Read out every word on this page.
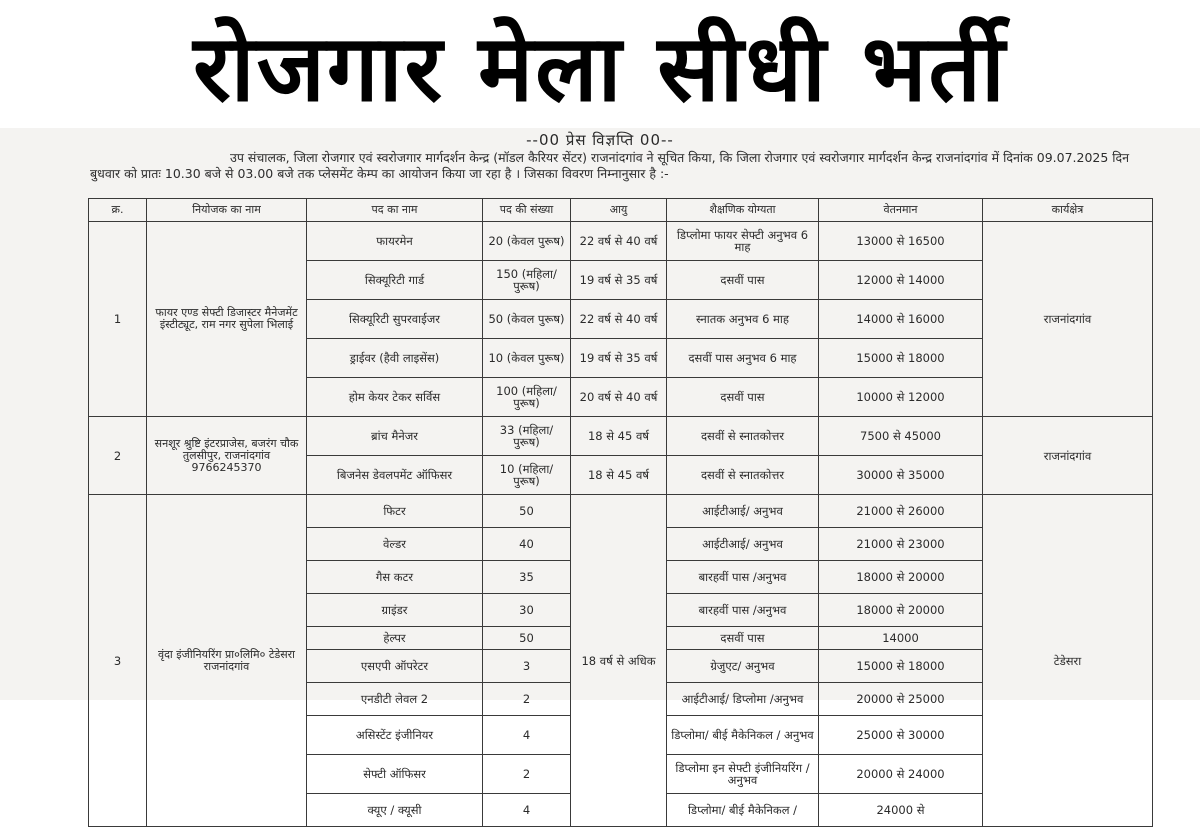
रोजगार मेला सीधी भर्ती
--00 प्रेस विज्ञप्ति 00--
उप संचालक, जिला रोजगार एवं स्वरोजगार मार्गदर्शन केन्द्र (मॉडल कैरियर सेंटर) राजनांदगांव ने सूचित किया, कि जिला रोजगार एवं स्वरोजगार मार्गदर्शन केन्द्र राजनांदगांव में दिनांक 09.07.2025 दिन बुधवार को प्रातः 10.30 बजे से 03.00 बजे तक प्लेसमेंट केम्प का आयोजन किया जा रहा है । जिसका विवरण निम्नानुसार है :-
क्र.	नियोजक का नाम	पद का नाम	पद की संख्या	आयु	शैक्षणिक योग्यता	वेतनमान	कार्यक्षेत्र
1	फायर एण्ड सेफ्टी डिजास्टर मैनेजमेंट इंस्टीट्यूट, राम नगर सुपेला भिलाई	फायरमेन	20 (केवल पुरूष)	22 वर्ष से 40 वर्ष	डिप्लोमा फायर सेफ्टी अनुभव 6 माह	13000 से 16500	राजनांदगांव
		सिक्यूरिटी गार्ड	150 (महिला/ पुरूष)	19 वर्ष से 35 वर्ष	दसवीं पास	12000 से 14000	
		सिक्यूरिटी सुपरवाईजर	50 (केवल पुरूष)	22 वर्ष से 40 वर्ष	स्नातक अनुभव 6 माह	14000 से 16000	
		ड्राईवर (हैवी लाइसेंस)	10 (केवल पुरूष)	19 वर्ष से 35 वर्ष	दसवीं पास अनुभव 6 माह	15000 से 18000	
		होम केयर टेकर सर्विस	100 (महिला/ पुरूष)	20 वर्ष से 40 वर्ष	दसवीं पास	10000 से 12000	
2	सनशूर श्रुष्टि इंटरप्राजेस, बजरंग चौक तुलसीपुर, राजनांदगांव 9766245370	ब्रांच मैनेजर	33 (महिला/ पुरूष)	18 से 45 वर्ष	दसवीं से स्नातकोत्तर	7500 से 45000	राजनांदगांव
		बिजनेस डेवलपमेंट ऑफिसर	10 (महिला/ पुरूष)	18 से 45 वर्ष	दसवीं से स्नातकोत्तर	30000 से 35000	
3	वृंदा इंजीनियरिंग प्रा०लिमि० टेडेसरा राजनांदगांव	फिटर	50	18 वर्ष से अधिक	आईटीआई/ अनुभव	21000 से 26000	टेडेसरा
		वेल्डर	40		आईटीआई/ अनुभव	21000 से 23000	
		गैस कटर	35		बारहवीं पास /अनुभव	18000 से 20000	
		ग्राइंडर	30		बारहवीं पास /अनुभव	18000 से 20000	
		हेल्पर	50		दसवीं पास	14000	
		एसएपी ऑपरेटर	3		ग्रेजुएट/ अनुभव	15000 से 18000	
		एनडीटी लेवल 2	2		आईटीआई/ डिप्लोमा /अनुभव	20000 से 25000	
		असिस्टेंट इंजीनियर	4		डिप्लोमा/ बीई मैकेनिकल / अनुभव	25000 से 30000	
		सेफ्टी ऑफिसर	2		डिप्लोमा इन सेफ्टी इंजीनियरिंग / अनुभव	20000 से 24000	
		क्यूए / क्यूसी	4		डिप्लोमा/ बीई मैकेनिकल /	24000 से	
